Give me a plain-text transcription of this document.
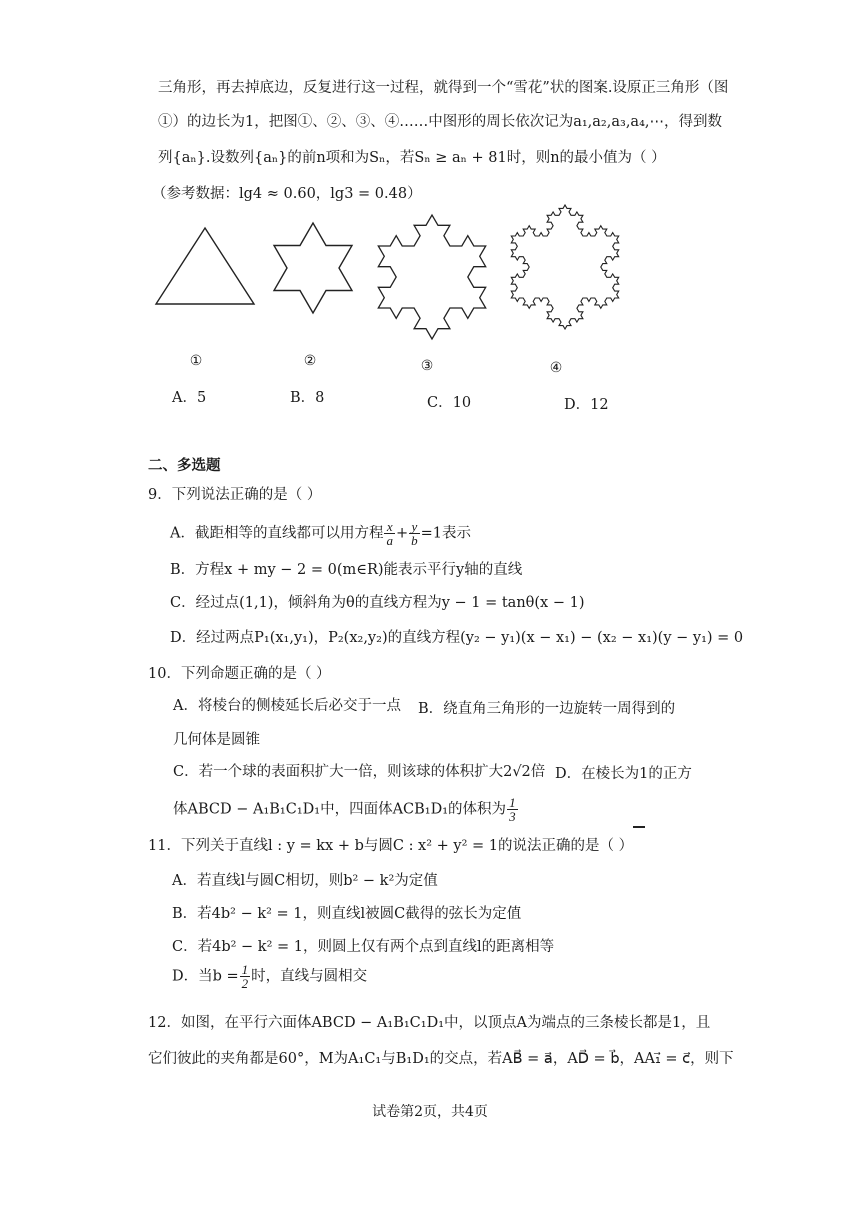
三角形，再去掉底边，反复进行这一过程，就得到一个“雪花”状的图案.设原正三角形（图
①）的边长为1，把图①、②、③、④……中图形的周长依次记为a₁,a₂,a₃,a₄,⋯，得到数
列{aₙ}.设数列{aₙ}的前n项和为Sₙ，若Sₙ ≥ aₙ + 81时，则n的最小值为（ ）
（参考数据：lg4 ≈ 0.60，lg3 = 0.48）
①	②	③	④
A．5	B．8	C．10	D．12
二、多选题
9．下列说法正确的是（ ）
A．截距相等的直线都可以用方程 $\frac{x}{a} + \frac{y}{b} =1$表示
B．方程x + my − 2 = 0(m∈R)能表示平行y轴的直线
C．经过点(1,1)，倾斜角为θ的直线方程为y − 1 = tanθ(x − 1)
D．经过两点P₁(x₁,y₁)，P₂(x₂,y₂)的直线方程(y₂ − y₁)(x − x₁) − (x₂ − x₁)(y − y₁) = 0
10．下列命题正确的是（ ）
A．将棱台的侧棱延长后必交于一点 B．绕直角三角形的一边旋转一周得到的
几何体是圆锥
C．若一个球的表面积扩大一倍，则该球的体积扩大2√2倍 D．在棱长为1的正方
体ABCD − A₁B₁C₁D₁中，四面体ACB₁D₁的体积为 $\frac{1}{3}$
11．下列关于直线l : y = kx + b与圆C : x² + y² = 1的说法正确的是（ ）
A．若直线l与圆C相切，则b² − k²为定值
B．若4b² − k² = 1，则直线l被圆C截得的弦长为定值
C．若4b² − k² = 1，则圆上仅有两个点到直线l的距离相等
D．当$b = \frac{1}{2}$ 时，直线与圆相交
12．如图，在平行六面体ABCD − A₁B₁C₁D₁中，以顶点A为端点的三条棱长都是1，且
它们彼此的夹角都是60°，M为A₁C₁与B₁D₁的交点，若AB⃗ = a⃗，AD⃗ = b⃗，AA₁⃗ = c⃗，则下
试卷第2页，共4页
